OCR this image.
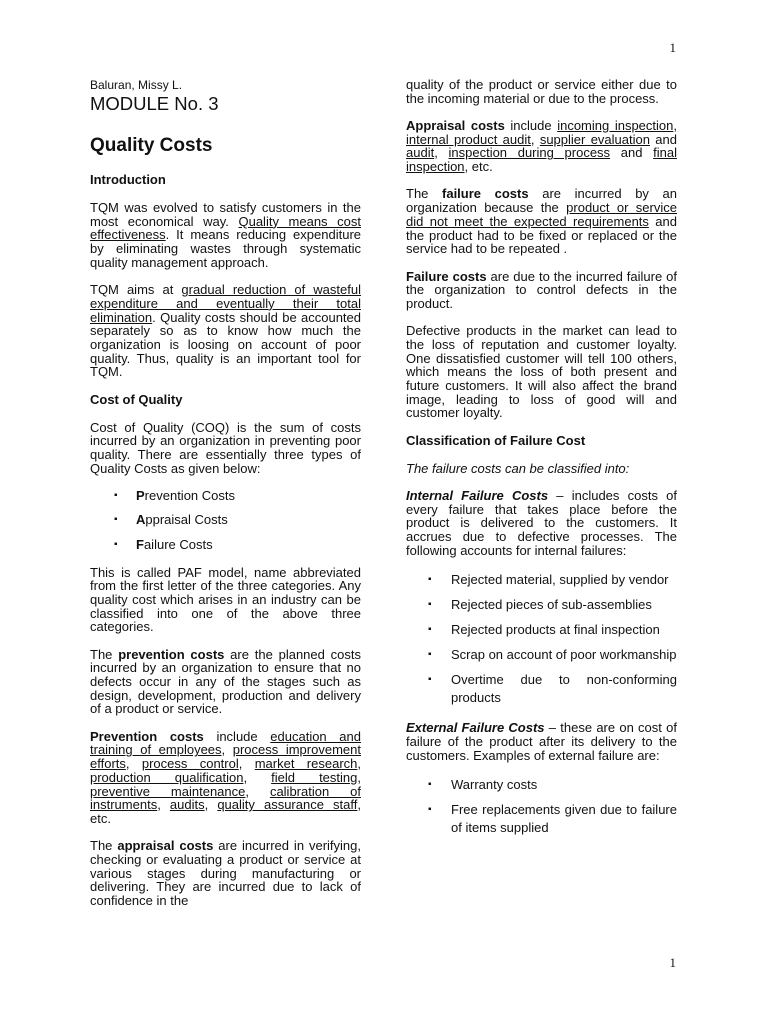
1
Baluran, Missy L.
MODULE No. 3
Quality Costs
Introduction

TQM was evolved to satisfy customers in the most economical way. Quality means cost effectiveness. It means reducing expenditure by eliminating wastes through systematic quality management approach.

TQM aims at gradual reduction of wasteful expenditure and eventually their total elimination. Quality costs should be accounted separately so as to know how much the organization is loosing on account of poor quality. Thus, quality is an important tool for TQM.

Cost of Quality

Cost of Quality (COQ) is the sum of costs incurred by an organization in preventing poor quality. There are essentially three types of Quality Costs as given below:

▪ Prevention Costs
▪ Appraisal Costs
▪ Failure Costs

This is called PAF model, name abbreviated from the first letter of the three categories. Any quality cost which arises in an industry can be classified into one of the above three categories.

The prevention costs are the planned costs incurred by an organization to ensure that no defects occur in any of the stages such as design, development, production and delivery of a product or service.

Prevention costs include education and training of employees, process improvement efforts, process control, market research, production qualification, field testing, preventive maintenance, calibration of instruments, audits, quality assurance staff, etc.

The appraisal costs are incurred in verifying, checking or evaluating a product or service at various stages during manufacturing or delivering. They are incurred due to lack of confidence in the

quality of the product or service either due to the incoming material or due to the process.

Appraisal costs include incoming inspection, internal product audit, supplier evaluation and audit, inspection during process and final inspection, etc.

The failure costs are incurred by an organization because the product or service did not meet the expected requirements and the product had to be fixed or replaced or the service had to be repeated .

Failure costs are due to the incurred failure of the organization to control defects in the product.

Defective products in the market can lead to the loss of reputation and customer loyalty. One dissatisfied customer will tell 100 others, which means the loss of both present and future customers. It will also affect the brand image, leading to loss of good will and customer loyalty.

Classification of Failure Cost

The failure costs can be classified into:

Internal Failure Costs – includes costs of every failure that takes place before the product is delivered to the customers. It accrues due to defective processes. The following accounts for internal failures:

▪ Rejected material, supplied by vendor
▪ Rejected pieces of sub-assemblies
▪ Rejected products at final inspection
▪ Scrap on account of poor workmanship
▪ Overtime due to non-conforming products

External Failure Costs – these are on cost of failure of the product after its delivery to the customers. Examples of external failure are:

▪ Warranty costs
▪ Free replacements given due to failure of items supplied
1
